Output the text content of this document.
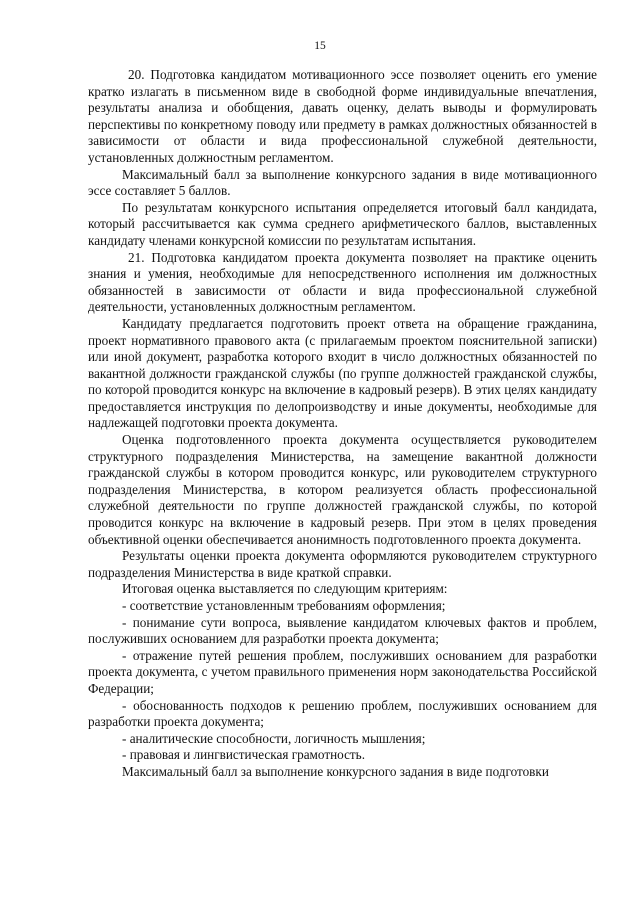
15

20. Подготовка кандидатом мотивационного эссе позволяет оценить его умение кратко излагать в письменном виде в свободной форме индивидуальные впечатления, результаты анализа и обобщения, давать оценку, делать выводы и формулировать перспективы по конкретному поводу или предмету в рамках должностных обязанностей в зависимости от области и вида профессиональной служебной деятельности, установленных должностным регламентом.

Максимальный балл за выполнение конкурсного задания в виде мотивационного эссе составляет 5 баллов.

По результатам конкурсного испытания определяется итоговый балл кандидата, который рассчитывается как сумма среднего арифметического баллов, выставленных кандидату членами конкурсной комиссии по результатам испытания.

21. Подготовка кандидатом проекта документа позволяет на практике оценить знания и умения, необходимые для непосредственного исполнения им должностных обязанностей в зависимости от области и вида профессиональной служебной деятельности, установленных должностным регламентом.

Кандидату предлагается подготовить проект ответа на обращение гражданина, проект нормативного правового акта (с прилагаемым проектом пояснительной записки) или иной документ, разработка которого входит в число должностных обязанностей по вакантной должности гражданской службы (по группе должностей гражданской службы, по которой проводится конкурс на включение в кадровый резерв). В этих целях кандидату предоставляется инструкция по делопроизводству и иные документы, необходимые для надлежащей подготовки проекта документа.

Оценка подготовленного проекта документа осуществляется руководителем структурного подразделения Министерства, на замещение вакантной должности гражданской службы в котором проводится конкурс, или руководителем структурного подразделения Министерства, в котором реализуется область профессиональной служебной деятельности по группе должностей гражданской службы, по которой проводится конкурс на включение в кадровый резерв. При этом в целях проведения объективной оценки обеспечивается анонимность подготовленного проекта документа.

Результаты оценки проекта документа оформляются руководителем структурного подразделения Министерства в виде краткой справки.

Итоговая оценка выставляется по следующим критериям:

- соответствие установленным требованиям оформления;

- понимание сути вопроса, выявление кандидатом ключевых фактов и проблем, послуживших основанием для разработки проекта документа;

- отражение путей решения проблем, послуживших основанием для разработки проекта документа, с учетом правильного применения норм законодательства Российской Федерации;

- обоснованность подходов к решению проблем, послуживших основанием для разработки проекта документа;

- аналитические способности, логичность мышления;

- правовая и лингвистическая грамотность.

Максимальный балл за выполнение конкурсного задания в виде подготовки
